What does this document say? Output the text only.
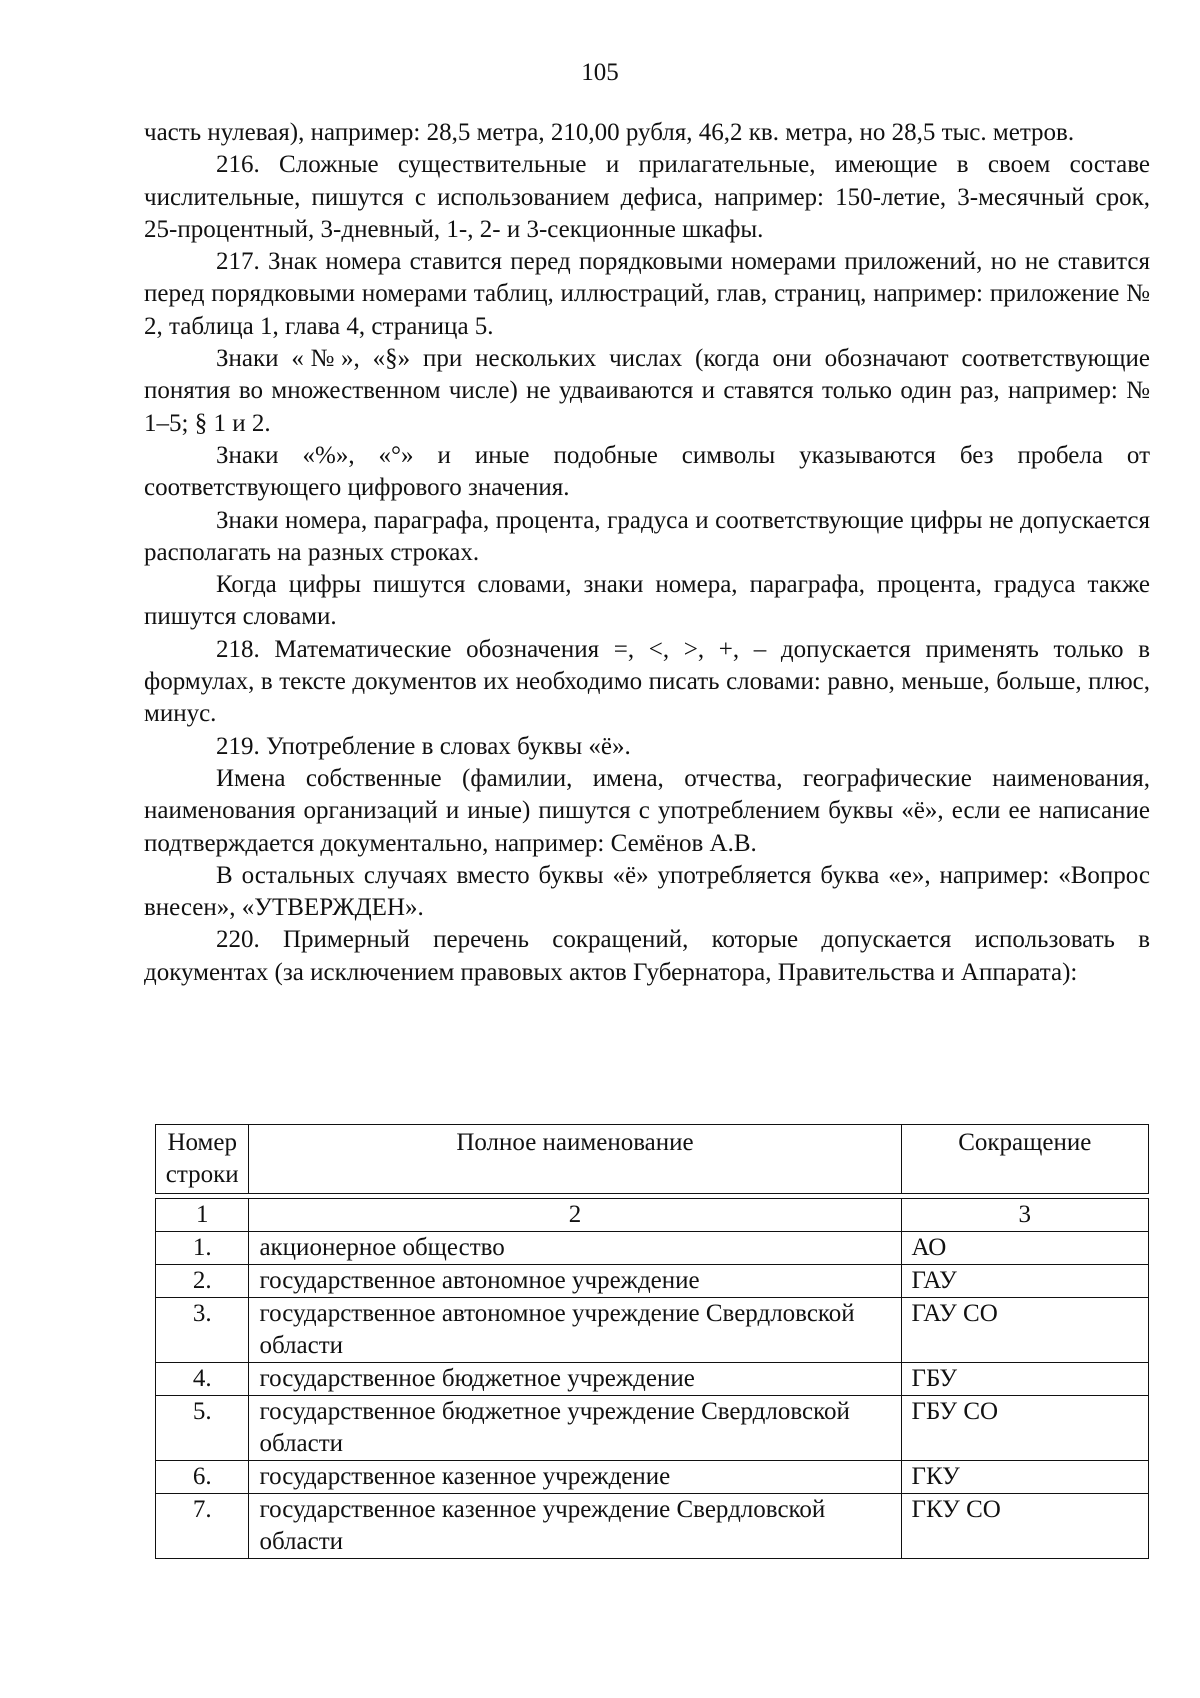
105

часть нулевая), например: 28,5 метра, 210,00 рубля, 46,2 кв. метра, но 28,5 тыс. метров.

216. Сложные существительные и прилагательные, имеющие в своем составе числительные, пишутся с использованием дефиса, например: 150-летие, 3-месячный срок, 25-процентный, 3-дневный, 1-, 2- и 3-секционные шкафы.

217. Знак номера ставится перед порядковыми номерами приложений, но не ставится перед порядковыми номерами таблиц, иллюстраций, глав, страниц, например: приложение № 2, таблица 1, глава 4, страница 5.

Знаки «№», «§» при нескольких числах (когда они обозначают соответствующие понятия во множественном числе) не удваиваются и ставятся только один раз, например: № 1–5; § 1 и 2.

Знаки «%», «°» и иные подобные символы указываются без пробела от соответствующего цифрового значения.

Знаки номера, параграфа, процента, градуса и соответствующие цифры не допускается располагать на разных строках.

Когда цифры пишутся словами, знаки номера, параграфа, процента, градуса также пишутся словами.

218. Математические обозначения =, <, >, +, – допускается применять только в формулах, в тексте документов их необходимо писать словами: равно, меньше, больше, плюс, минус.

219. Употребление в словах буквы «ё».

Имена собственные (фамилии, имена, отчества, географические наименования, наименования организаций и иные) пишутся с употреблением буквы «ё», если ее написание подтверждается документально, например: Семёнов А.В.

В остальных случаях вместо буквы «ё» употребляется буква «е», например: «Вопрос внесен», «УТВЕРЖДЕН».

220. Примерный перечень сокращений, которые допускается использовать в документах (за исключением правовых актов Губернатора, Правительства и Аппарата):

Номер строки	Полное наименование	Сокращение

1	2	3
1.	акционерное общество	АО
2.	государственное автономное учреждение	ГАУ
3.	государственное автономное учреждение Свердловской области	ГАУ СО
4.	государственное бюджетное учреждение	ГБУ
5.	государственное бюджетное учреждение Свердловской области	ГБУ СО
6.	государственное казенное учреждение	ГКУ
7.	государственное казенное учреждение Свердловской области	ГКУ СО
